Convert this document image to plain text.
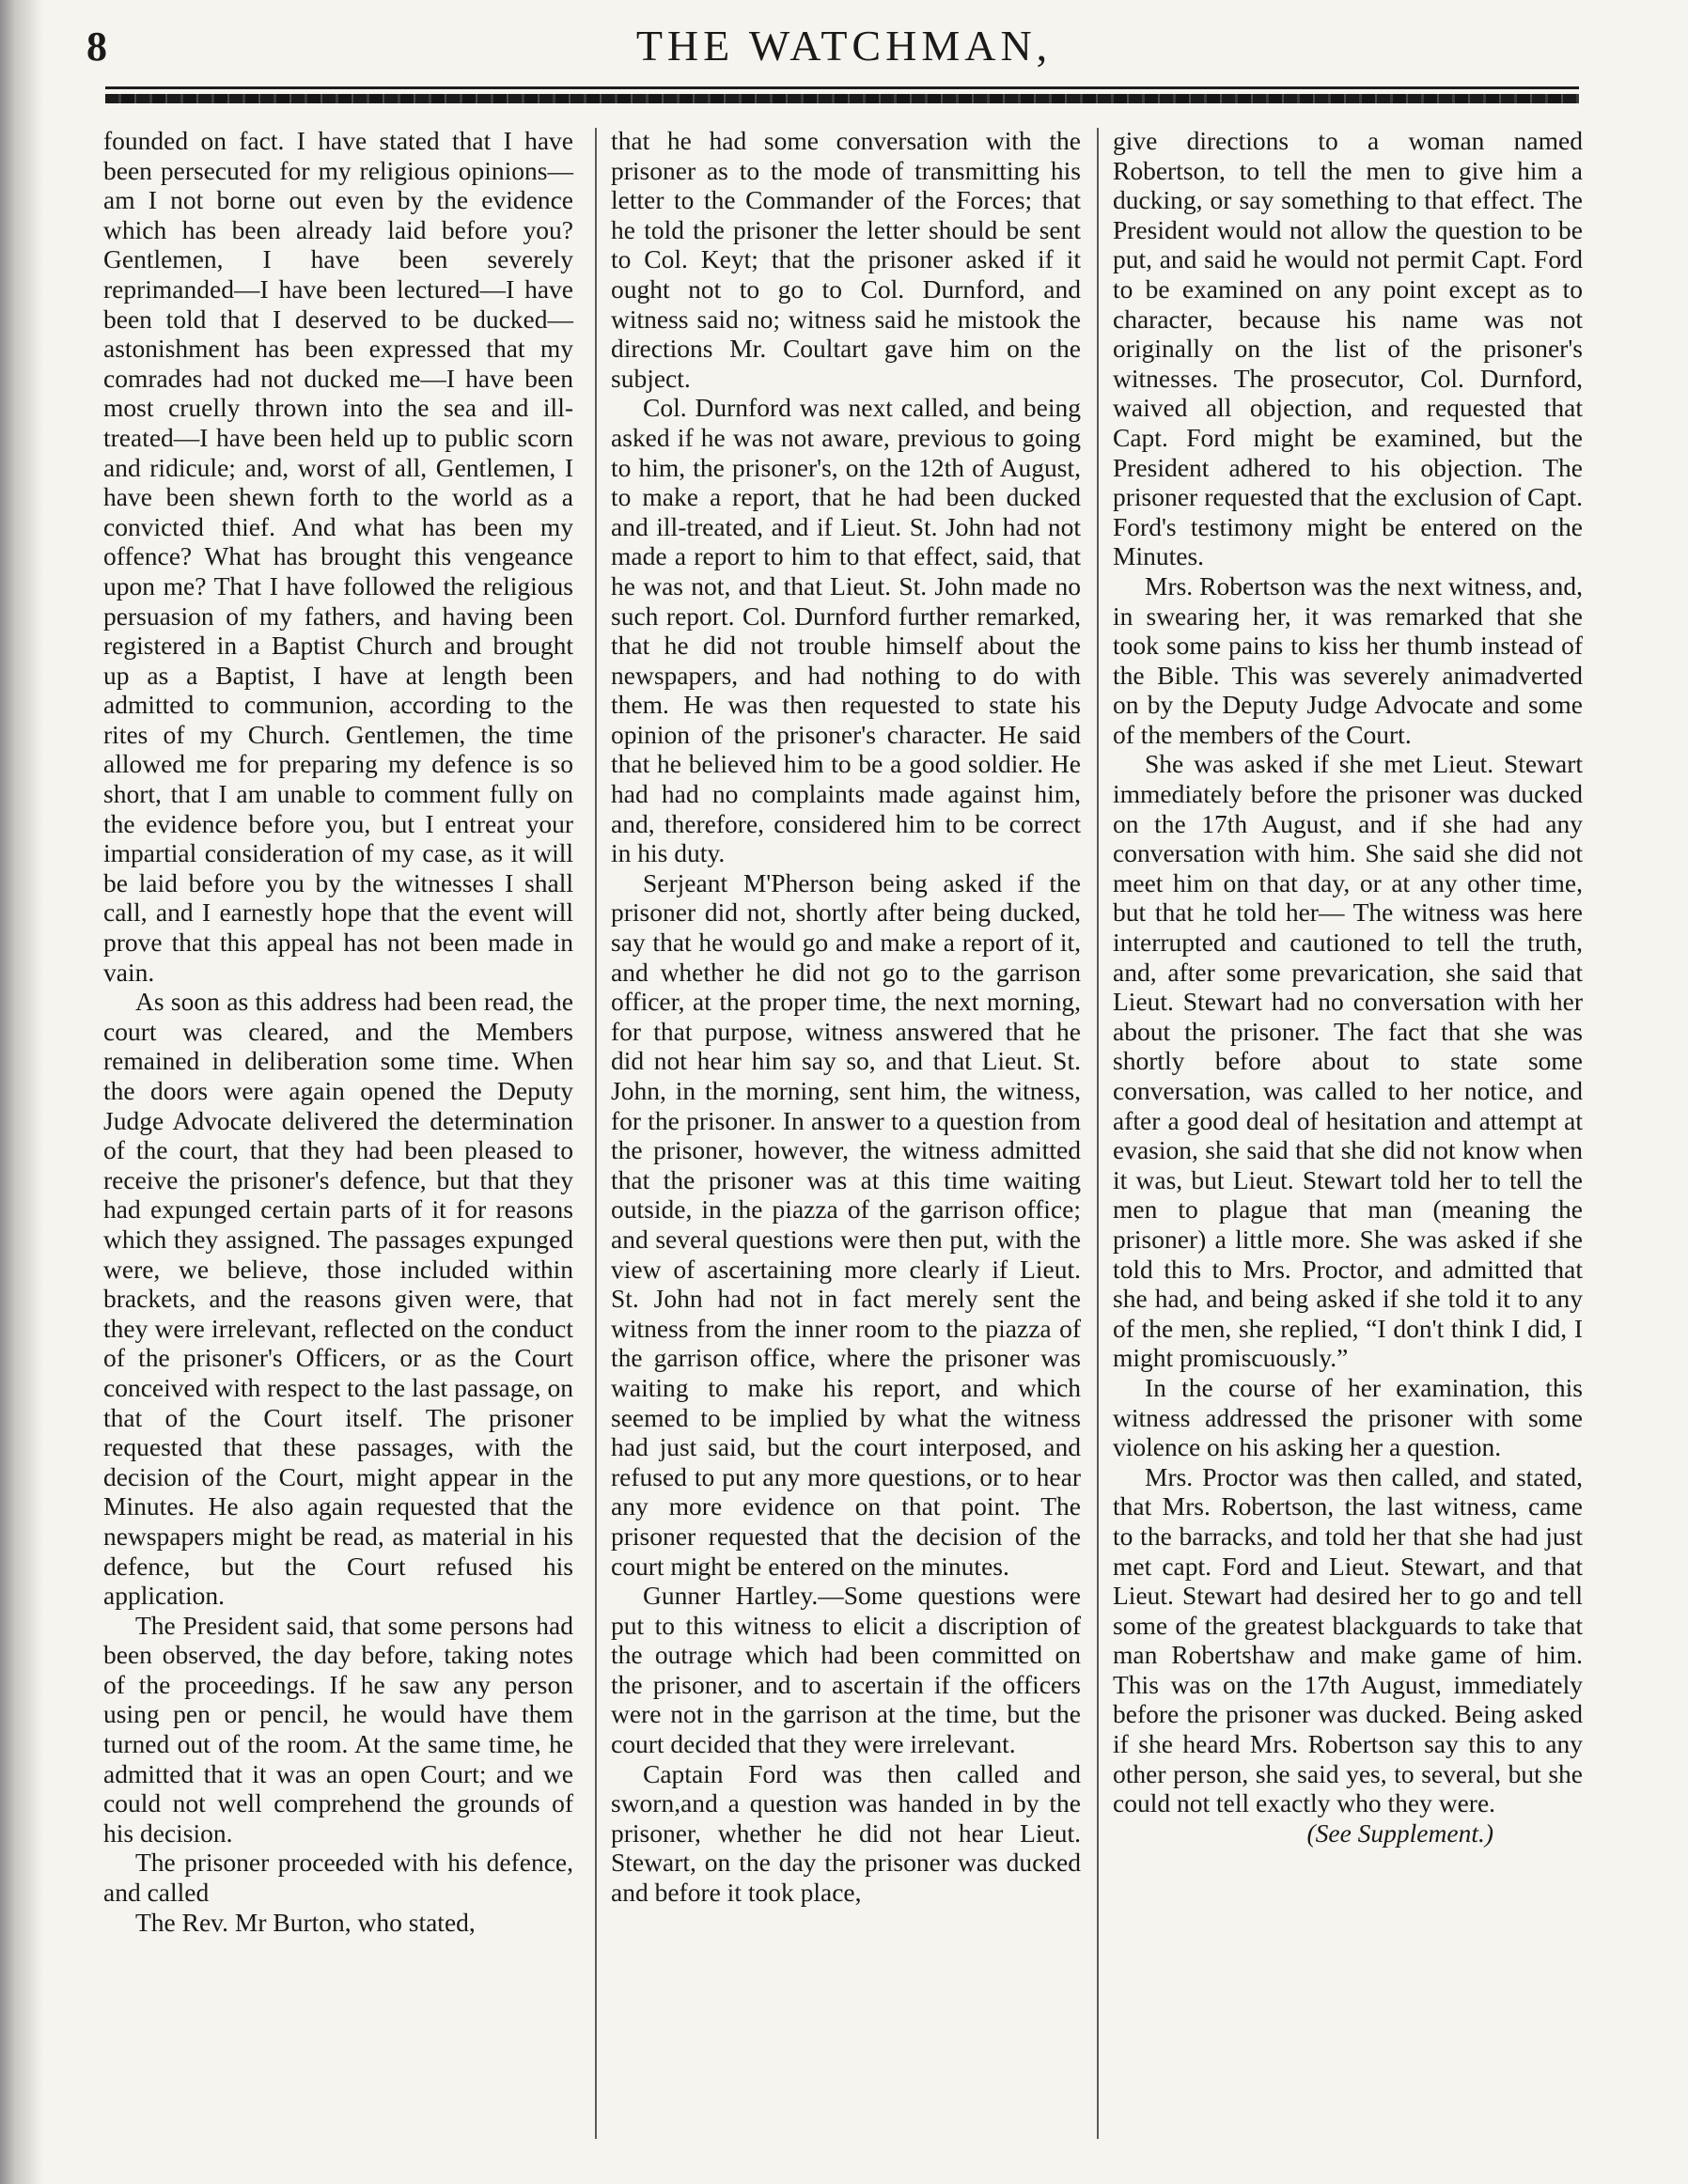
8	THE WATCHMAN,

founded on fact. I have stated that I have been persecuted for my religious opinions—am I not borne out even by the evidence which has been already laid before you? Gentlemen, I have been severely reprimanded—I have been lectured—I have been told that I deserved to be ducked—astonishment has been expressed that my comrades had not ducked me—I have been most cruelly thrown into the sea and ill-treated—I have been held up to public scorn and ridicule; and, worst of all, Gentlemen, I have been shewn forth to the world as a convicted thief. And what has been my offence? What has brought this vengeance upon me? That I have followed the religious persuasion of my fathers, and having been registered in a Baptist Church and brought up as a Baptist, I have at length been admitted to communion, according to the rites of my Church. Gentlemen, the time allowed me for preparing my defence is so short, that I am unable to comment fully on the evidence before you, but I entreat your impartial consideration of my case, as it will be laid before you by the witnesses I shall call, and I earnestly hope that the event will prove that this appeal has not been made in vain.

As soon as this address had been read, the court was cleared, and the Members remained in deliberation some time. When the doors were again opened the Deputy Judge Advocate delivered the determination of the court, that they had been pleased to receive the prisoner's defence, but that they had expunged certain parts of it for reasons which they assigned. The passages expunged were, we believe, those included within brackets, and the reasons given were, that they were irrelevant, reflected on the conduct of the prisoner's Officers, or as the Court conceived with respect to the last passage, on that of the Court itself. The prisoner requested that these passages, with the decision of the Court, might appear in the Minutes. He also again requested that the newspapers might be read, as material in his defence, but the Court refused his application.

The President said, that some persons had been observed, the day before, taking notes of the proceedings. If he saw any person using pen or pencil, he would have them turned out of the room. At the same time, he admitted that it was an open Court; and we could not well comprehend the grounds of his decision.

The prisoner proceeded with his defence, and called

The Rev. Mr Burton, who stated,

that he had some conversation with the prisoner as to the mode of transmitting his letter to the Commander of the Forces; that he told the prisoner the letter should be sent to Col. Keyt; that the prisoner asked if it ought not to go to Col. Durnford, and witness said no; witness said he mistook the directions Mr. Coultart gave him on the subject.

Col. Durnford was next called, and being asked if he was not aware, previous to going to him, the prisoner's, on the 12th of August, to make a report, that he had been ducked and ill-treated, and if Lieut. St. John had not made a report to him to that effect, said, that he was not, and that Lieut. St. John made no such report. Col. Durnford further remarked, that he did not trouble himself about the newspapers, and had nothing to do with them. He was then requested to state his opinion of the prisoner's character. He said that he believed him to be a good soldier. He had had no complaints made against him, and, therefore, considered him to be correct in his duty.

Serjeant M'Pherson being asked if the prisoner did not, shortly after being ducked, say that he would go and make a report of it, and whether he did not go to the garrison officer, at the proper time, the next morning, for that purpose, witness answered that he did not hear him say so, and that Lieut. St. John, in the morning, sent him, the witness, for the prisoner. In answer to a question from the prisoner, however, the witness admitted that the prisoner was at this time waiting outside, in the piazza of the garrison office; and several questions were then put, with the view of ascertaining more clearly if Lieut. St. John had not in fact merely sent the witness from the inner room to the piazza of the garrison office, where the prisoner was waiting to make his report, and which seemed to be implied by what the witness had just said, but the court interposed, and refused to put any more questions, or to hear any more evidence on that point. The prisoner requested that the decision of the court might be entered on the minutes.

Gunner Hartley.—Some questions were put to this witness to elicit a discription of the outrage which had been committed on the prisoner, and to ascertain if the officers were not in the garrison at the time, but the court decided that they were irrelevant.

Captain Ford was then called and sworn,and a question was handed in by the prisoner, whether he did not hear Lieut. Stewart, on the day the prisoner was ducked and before it took place,

give directions to a woman named Robertson, to tell the men to give him a ducking, or say something to that effect. The President would not allow the question to be put, and said he would not permit Capt. Ford to be examined on any point except as to character, because his name was not originally on the list of the prisoner's witnesses. The prosecutor, Col. Durnford, waived all objection, and requested that Capt. Ford might be examined, but the President adhered to his objection. The prisoner requested that the exclusion of Capt. Ford's testimony might be entered on the Minutes.

Mrs. Robertson was the next witness, and, in swearing her, it was remarked that she took some pains to kiss her thumb instead of the Bible. This was severely animadverted on by the Deputy Judge Advocate and some of the members of the Court.

She was asked if she met Lieut. Stewart immediately before the prisoner was ducked on the 17th August, and if she had any conversation with him. She said she did not meet him on that day, or at any other time, but that he told her— The witness was here interrupted and cautioned to tell the truth, and, after some prevarication, she said that Lieut. Stewart had no conversation with her about the prisoner. The fact that she was shortly before about to state some conversation, was called to her notice, and after a good deal of hesitation and attempt at evasion, she said that she did not know when it was, but Lieut. Stewart told her to tell the men to plague that man (meaning the prisoner) a little more. She was asked if she told this to Mrs. Proctor, and admitted that she had, and being asked if she told it to any of the men, she replied, “I don't think I did, I might promiscuously.”

In the course of her examination, this witness addressed the prisoner with some violence on his asking her a question.

Mrs. Proctor was then called, and stated, that Mrs. Robertson, the last witness, came to the barracks, and told her that she had just met capt. Ford and Lieut. Stewart, and that Lieut. Stewart had desired her to go and tell some of the greatest blackguards to take that man Robertshaw and make game of him. This was on the 17th August, immediately before the prisoner was ducked. Being asked if she heard Mrs. Robertson say this to any other person, she said yes, to several, but she could not tell exactly who they were.

(See Supplement.)
